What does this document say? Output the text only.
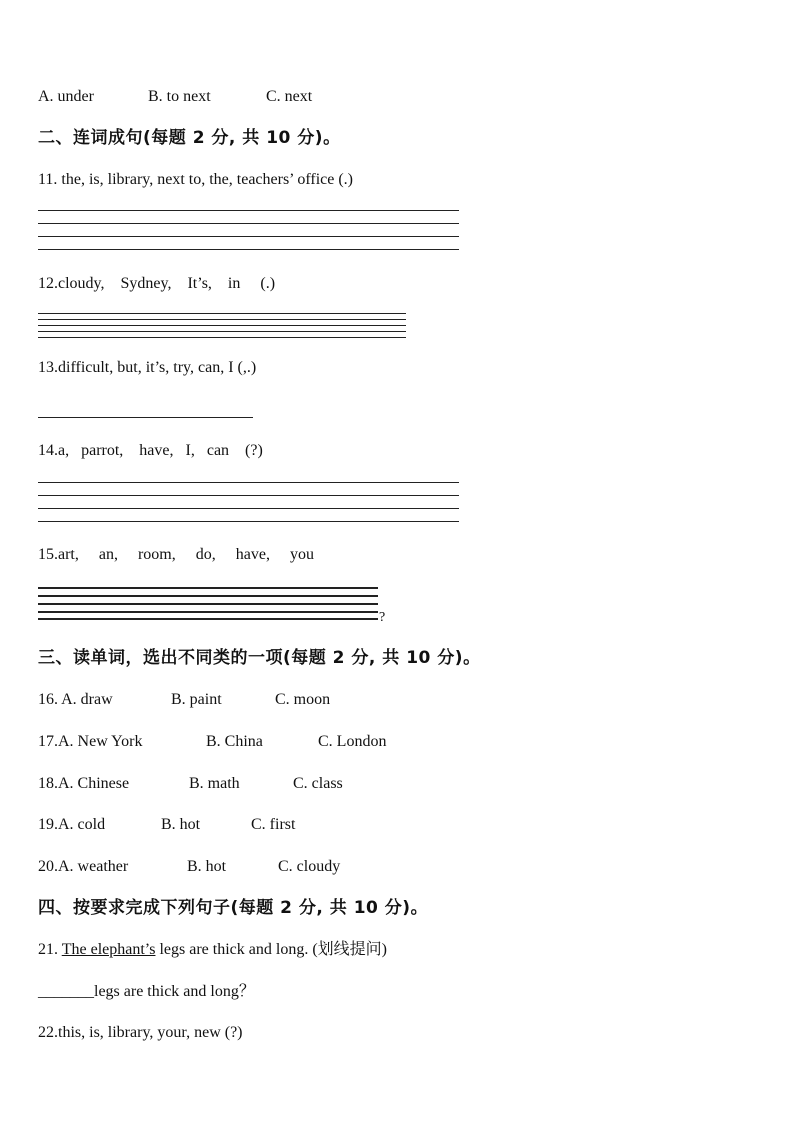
A. under	B. to next	C. next
二、连词成句(每题 2 分, 共 10 分)。
11. the, is, library, next to, the, teachers’ office (.)
12.cloudy,    Sydney,    It’s,    in     (.)
13.difficult, but, it’s, try, can, I (,.)
14.a,   parrot,    have,   I,   can    (?)
15.art,     an,     room,     do,     have,     you
?
三、读单词，选出不同类的一项(每题 2 分, 共 10 分)。
16. A. draw	B. paint	C. moon
17.A. New York	B. China	C. London
18.A. Chinese	B. math	C. class
19.A. cold	B. hot	C. first
20.A. weather	B. hot	C. cloudy
四、按要求完成下列句子(每题 2 分, 共 10 分)。
21. The elephant’s legs are thick and long. (划线提问)
_______legs are thick and long？
22.this, is, library, your, new (?)
